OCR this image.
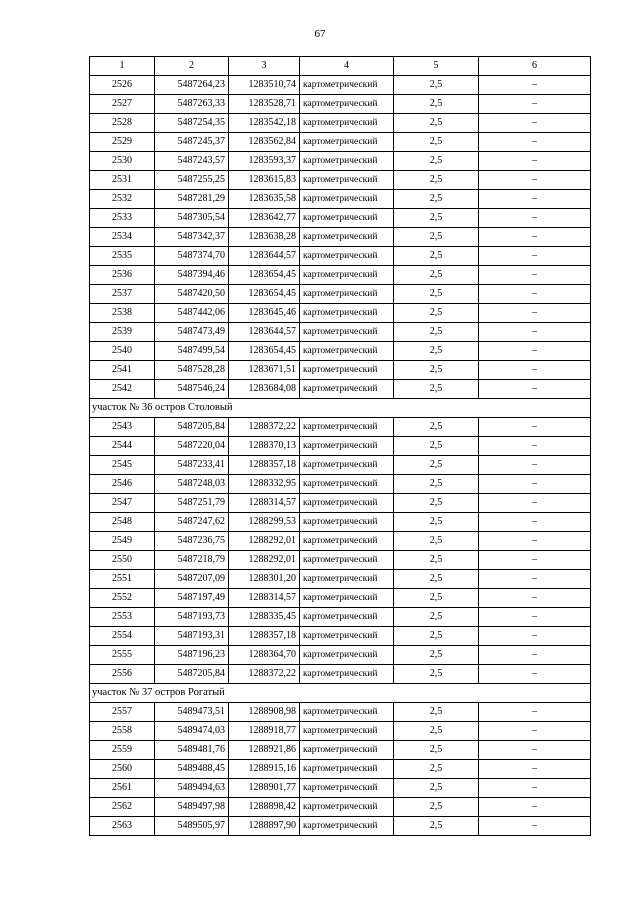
67
1	2	3	4	5	6
2526	5487264,23	1283510,74	картометрический	2,5	–
2527	5487263,33	1283528,71	картометрический	2,5	–
2528	5487254,35	1283542,18	картометрический	2,5	–
2529	5487245,37	1283562,84	картометрический	2,5	–
2530	5487243,57	1283593,37	картометрический	2,5	–
2531	5487255,25	1283615,83	картометрический	2,5	–
2532	5487281,29	1283635,58	картометрический	2,5	–
2533	5487305,54	1283642,77	картометрический	2,5	–
2534	5487342,37	1283638,28	картометрический	2,5	–
2535	5487374,70	1283644,57	картометрический	2,5	–
2536	5487394,46	1283654,45	картометрический	2,5	–
2537	5487420,50	1283654,45	картометрический	2,5	–
2538	5487442,06	1283645,46	картометрический	2,5	–
2539	5487473,49	1283644,57	картометрический	2,5	–
2540	5487499,54	1283654,45	картометрический	2,5	–
2541	5487528,28	1283671,51	картометрический	2,5	–
2542	5487546,24	1283684,08	картометрический	2,5	–
участок № 36 остров Столовый					
2543	5487205,84	1288372,22	картометрический	2,5	–
2544	5487220,04	1288370,13	картометрический	2,5	–
2545	5487233,41	1288357,18	картометрический	2,5	–
2546	5487248,03	1288332,95	картометрический	2,5	–
2547	5487251,79	1288314,57	картометрический	2,5	–
2548	5487247,62	1288299,53	картометрический	2,5	–
2549	5487236,75	1288292,01	картометрический	2,5	–
2550	5487218,79	1288292,01	картометрический	2,5	–
2551	5487207,09	1288301,20	картометрический	2,5	–
2552	5487197,49	1288314,57	картометрический	2,5	–
2553	5487193,73	1288335,45	картометрический	2,5	–
2554	5487193,31	1288357,18	картометрический	2,5	–
2555	5487196,23	1288364,70	картометрический	2,5	–
2556	5487205,84	1288372,22	картометрический	2,5	–
участок № 37 остров Рогатый					
2557	5489473,51	1288908,98	картометрический	2,5	–
2558	5489474,03	1288918,77	картометрический	2,5	–
2559	5489481,76	1288921,86	картометрический	2,5	–
2560	5489488,45	1288915,16	картометрический	2,5	–
2561	5489494,63	1288901,77	картометрический	2,5	–
2562	5489497,98	1288898,42	картометрический	2,5	–
2563	5489505,97	1288897,90	картометрический	2,5	–
